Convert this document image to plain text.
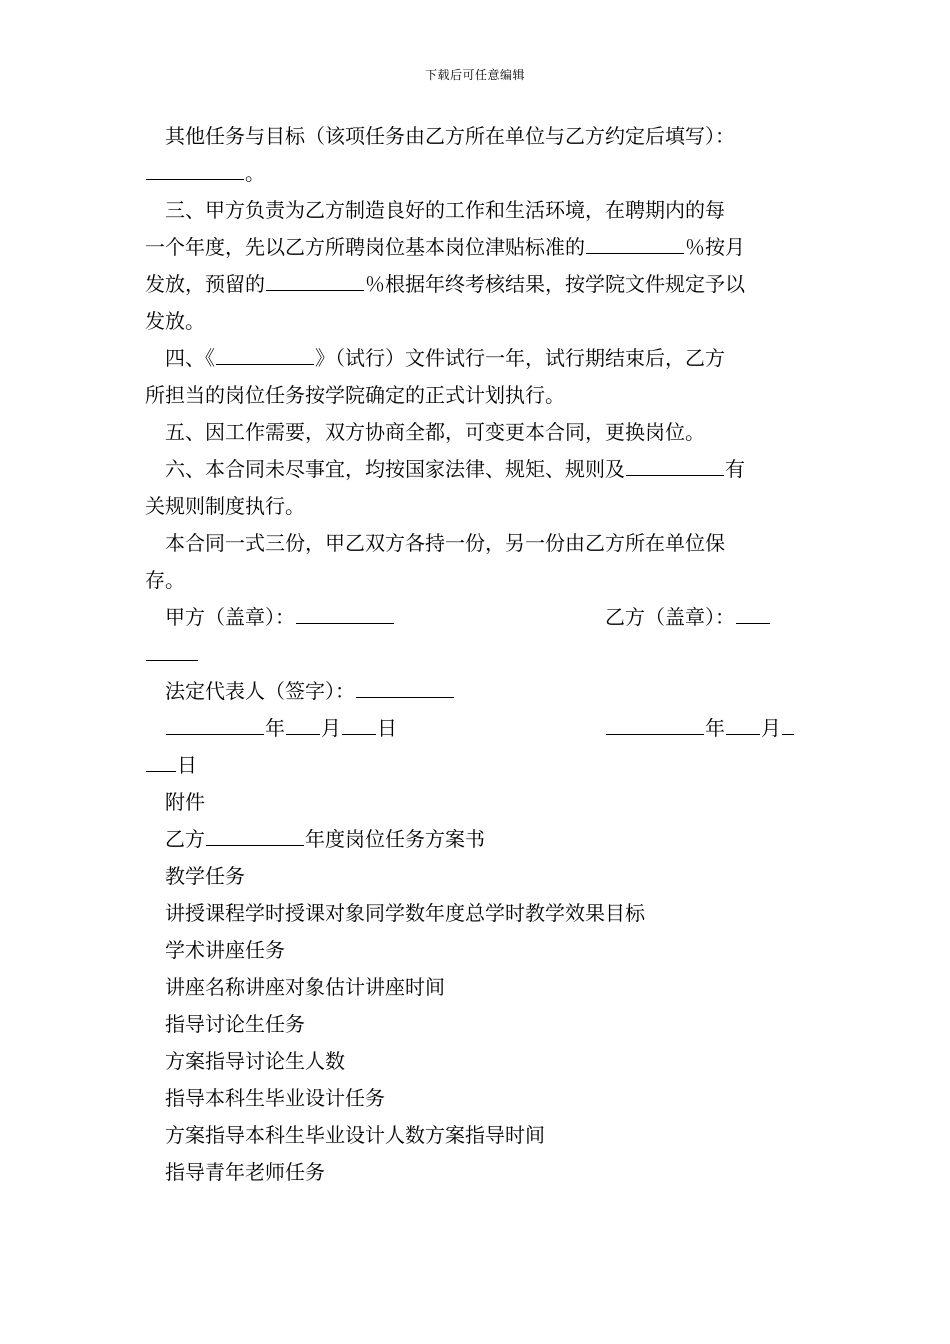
下载后可任意编辑
其他任务与目标（该项任务由乙方所在单位与乙方约定后填写）：
。
三、甲方负责为乙方制造良好的工作和生活环境，在聘期内的每
一个年度，先以乙方所聘岗位基本岗位津贴标准的	％按月
发放，预留的	％根据年终考核结果，按学院文件规定予以
发放。
四、《	》（试行）文件试行一年，试行期结束后，乙方
所担当的岗位任务按学院确定的正式计划执行。
五、因工作需要，双方协商全都，可变更本合同，更换岗位。
六、本合同未尽事宜，均按国家法律、规矩、规则及	有
关规则制度执行。
本合同一式三份，甲乙双方各持一份，另一份由乙方所在单位保
存。
甲方（盖章）：	乙方（盖章）：
法定代表人（签字）：
年 月 日	年 月
日
附件
乙方	年度岗位任务方案书
教学任务
讲授课程学时授课对象同学数年度总学时教学效果目标
学术讲座任务
讲座名称讲座对象估计讲座时间
指导讨论生任务
方案指导讨论生人数
指导本科生毕业设计任务
方案指导本科生毕业设计人数方案指导时间
指导青年老师任务
